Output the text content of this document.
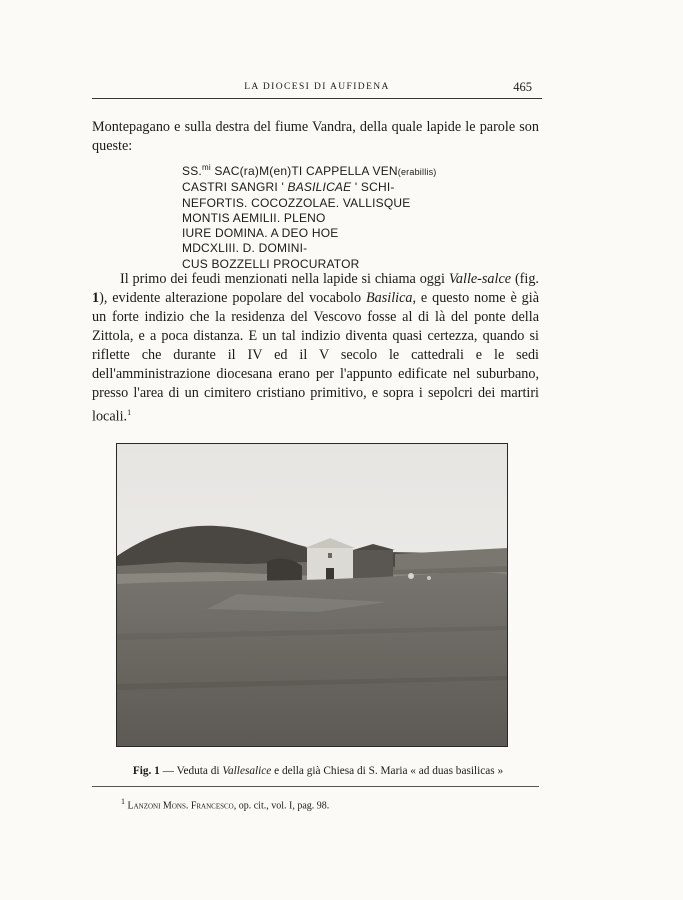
LA DIOCESI DI AUFIDENA	465
Montepagano e sulla destra del fiume Vandra, della quale lapide le parole son queste:
SS.$^{mi}$ SAC(ra)M(en)TI CAPPELLA VEN(erabillis)
CASTRI SANGRI ' BASILICAE ' SCHI-
NEFORTIS. COCOZZOLAE. VALLISQUE
MONTIS AEMILII. PLENO
IURE DOMINA. A DEO HOE
MDCXLIII. D. DOMINI-
CUS BOZZELLI PROCURATOR
Il primo dei feudi menzionati nella lapide si chiama oggi Valle-salce (fig. 1), evidente alterazione popolare del vocabolo Basilica, e questo nome è già un forte indizio che la residenza del Vescovo fosse al di là del ponte della Zittola, e a poca distanza. E un tal indizio diventa quasi certezza, quando si riflette che durante il IV ed il V secolo le cattedrali e le sedi dell'amministrazione diocesana erano per l'appunto edificate nel suburbano, presso l'area di un cimitero cristiano primitivo, e sopra i sepolcri dei martiri locali.$^1$
Fig. 1 — Veduta di Vallesalice e della già Chiesa di S. Maria « ad duas basilicas »
$^1$ Lanzoni Mons. Francesco, op. cit., vol. I, pag. 98.
